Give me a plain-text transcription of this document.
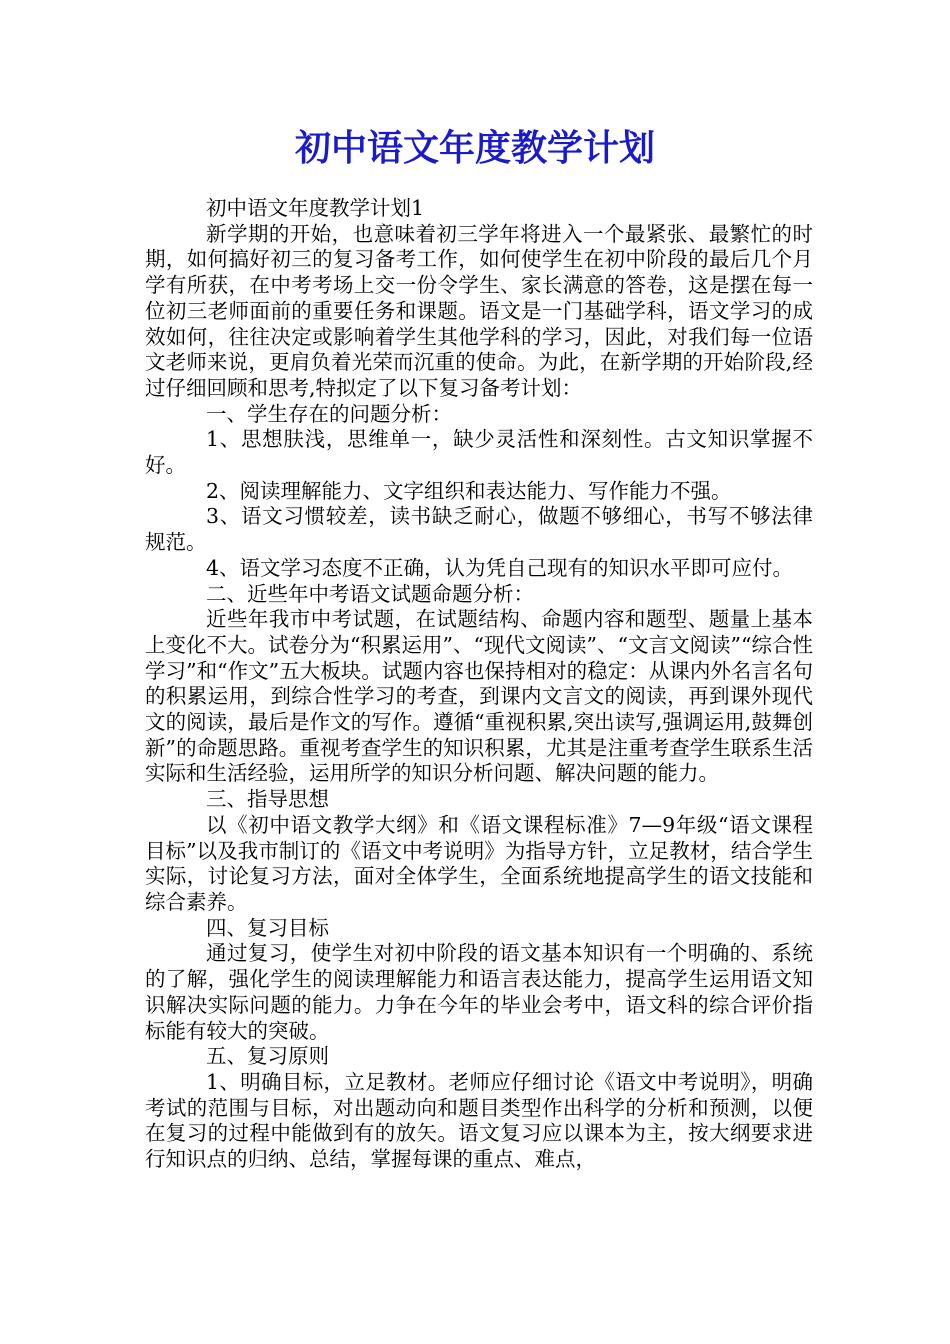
初中语文年度教学计划

初中语文年度教学计划1

新学期的开始，也意味着初三学年将进入一个最紧张、最繁忙的时期，如何搞好初三的复习备考工作，如何使学生在初中阶段的最后几个月学有所获，在中考考场上交一份令学生、家长满意的答卷，这是摆在每一位初三老师面前的重要任务和课题。语文是一门基础学科，语文学习的成效如何，往往决定或影响着学生其他学科的学习，因此，对我们每一位语文老师来说，更肩负着光荣而沉重的使命。为此，在新学期的开始阶段,经过仔细回顾和思考,特拟定了以下复习备考计划：

一、学生存在的问题分析：

1、思想肤浅，思维单一，缺少灵活性和深刻性。古文知识掌握不好。

2、阅读理解能力、文字组织和表达能力、写作能力不强。

3、语文习惯较差，读书缺乏耐心，做题不够细心，书写不够法律规范。

4、语文学习态度不正确，认为凭自己现有的知识水平即可应付。

二、近些年中考语文试题命题分析：

近些年我市中考试题，在试题结构、命题内容和题型、题量上基本上变化不大。试卷分为“积累运用”、“现代文阅读”、“文言文阅读”“综合性学习”和“作文”五大板块。试题内容也保持相对的稳定：从课内外名言名句的积累运用，到综合性学习的考查，到课内文言文的阅读，再到课外现代文的阅读，最后是作文的写作。遵循“重视积累,突出读写,强调运用,鼓舞创新”的命题思路。重视考查学生的知识积累，尤其是注重考查学生联系生活实际和生活经验，运用所学的知识分析问题、解决问题的能力。

三、指导思想

以《初中语文教学大纲》和《语文课程标准》7—9年级“语文课程目标”以及我市制订的《语文中考说明》为指导方针，立足教材，结合学生实际，讨论复习方法，面对全体学生，全面系统地提高学生的语文技能和综合素养。

四、复习目标

通过复习，使学生对初中阶段的语文基本知识有一个明确的、系统的了解，强化学生的阅读理解能力和语言表达能力，提高学生运用语文知识解决实际问题的能力。力争在今年的毕业会考中，语文科的综合评价指标能有较大的突破。

五、复习原则

1、明确目标，立足教材。老师应仔细讨论《语文中考说明》，明确考试的范围与目标，对出题动向和题目类型作出科学的分析和预测，以便在复习的过程中能做到有的放矢。语文复习应以课本为主，按大纲要求进行知识点的归纳、总结，掌握每课的重点、难点，
